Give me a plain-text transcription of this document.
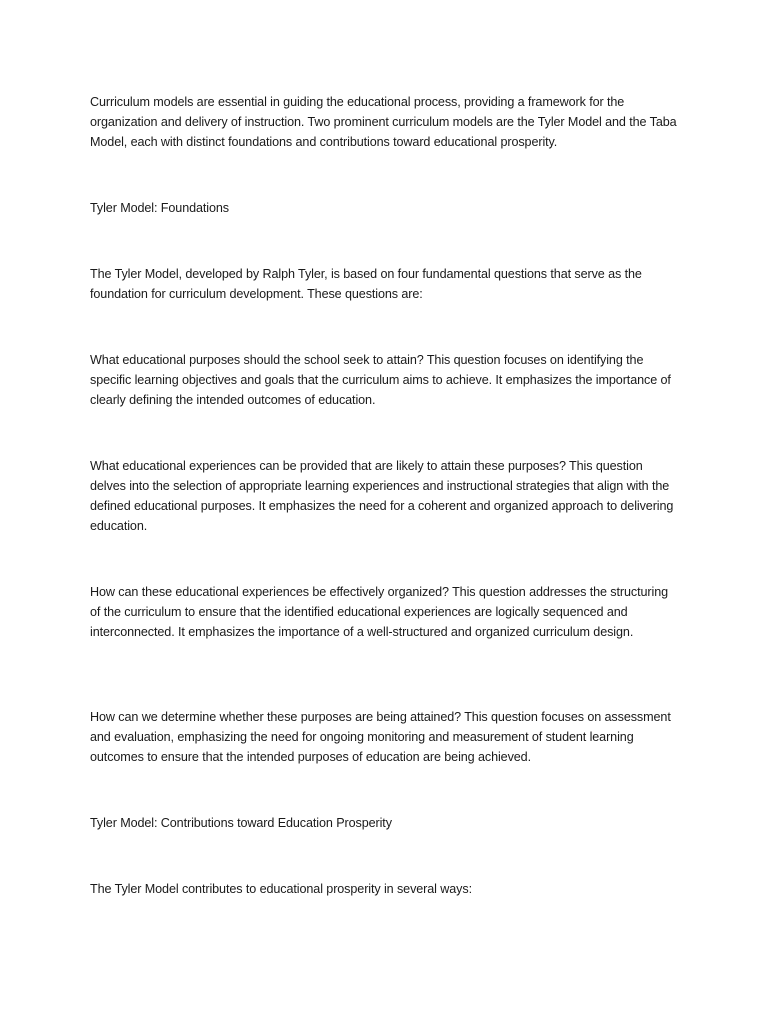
Curriculum models are essential in guiding the educational process, providing a framework for the organization and delivery of instruction. Two prominent curriculum models are the Tyler Model and the Taba Model, each with distinct foundations and contributions toward educational prosperity.

Tyler Model: Foundations

The Tyler Model, developed by Ralph Tyler, is based on four fundamental questions that serve as the foundation for curriculum development. These questions are:

What educational purposes should the school seek to attain? This question focuses on identifying the specific learning objectives and goals that the curriculum aims to achieve. It emphasizes the importance of clearly defining the intended outcomes of education.

What educational experiences can be provided that are likely to attain these purposes? This question delves into the selection of appropriate learning experiences and instructional strategies that align with the defined educational purposes. It emphasizes the need for a coherent and organized approach to delivering education.

How can these educational experiences be effectively organized? This question addresses the structuring of the curriculum to ensure that the identified educational experiences are logically sequenced and interconnected. It emphasizes the importance of a well-structured and organized curriculum design.

How can we determine whether these purposes are being attained? This question focuses on assessment and evaluation, emphasizing the need for ongoing monitoring and measurement of student learning outcomes to ensure that the intended purposes of education are being achieved.

Tyler Model: Contributions toward Education Prosperity

The Tyler Model contributes to educational prosperity in several ways:
